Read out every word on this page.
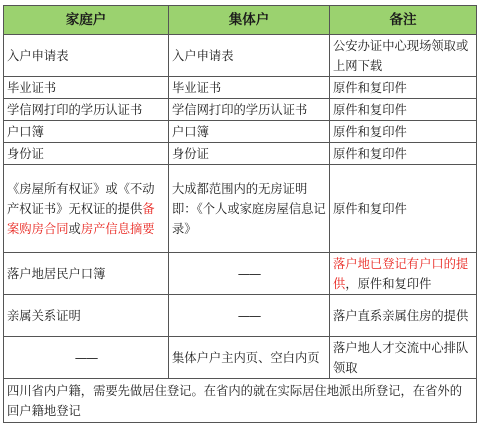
家庭户	集体户	备注
入户申请表	入户申请表	公安办证中心现场领取或上网下载
毕业证书	毕业证书	原件和复印件
学信网打印的学历认证书	学信网打印的学历认证书	原件和复印件
户口簿	户口簿	原件和复印件
身份证	身份证	原件和复印件
《房屋所有权证》或《不动产权证书》无权证的提供备案购房合同或房产信息摘要	大成都范围内的无房证明即：《个人或家庭房屋信息记录》	原件和复印件
落户地居民户口簿	——	落户地已登记有户口的提供，原件和复印件
亲属关系证明	——	落户直系亲属住房的提供
——	集体户户主内页、空白内页	落户地人才交流中心排队领取
四川省内户籍，需要先做居住登记。在省内的就在实际居住地派出所登记，在省外的回户籍地登记		
